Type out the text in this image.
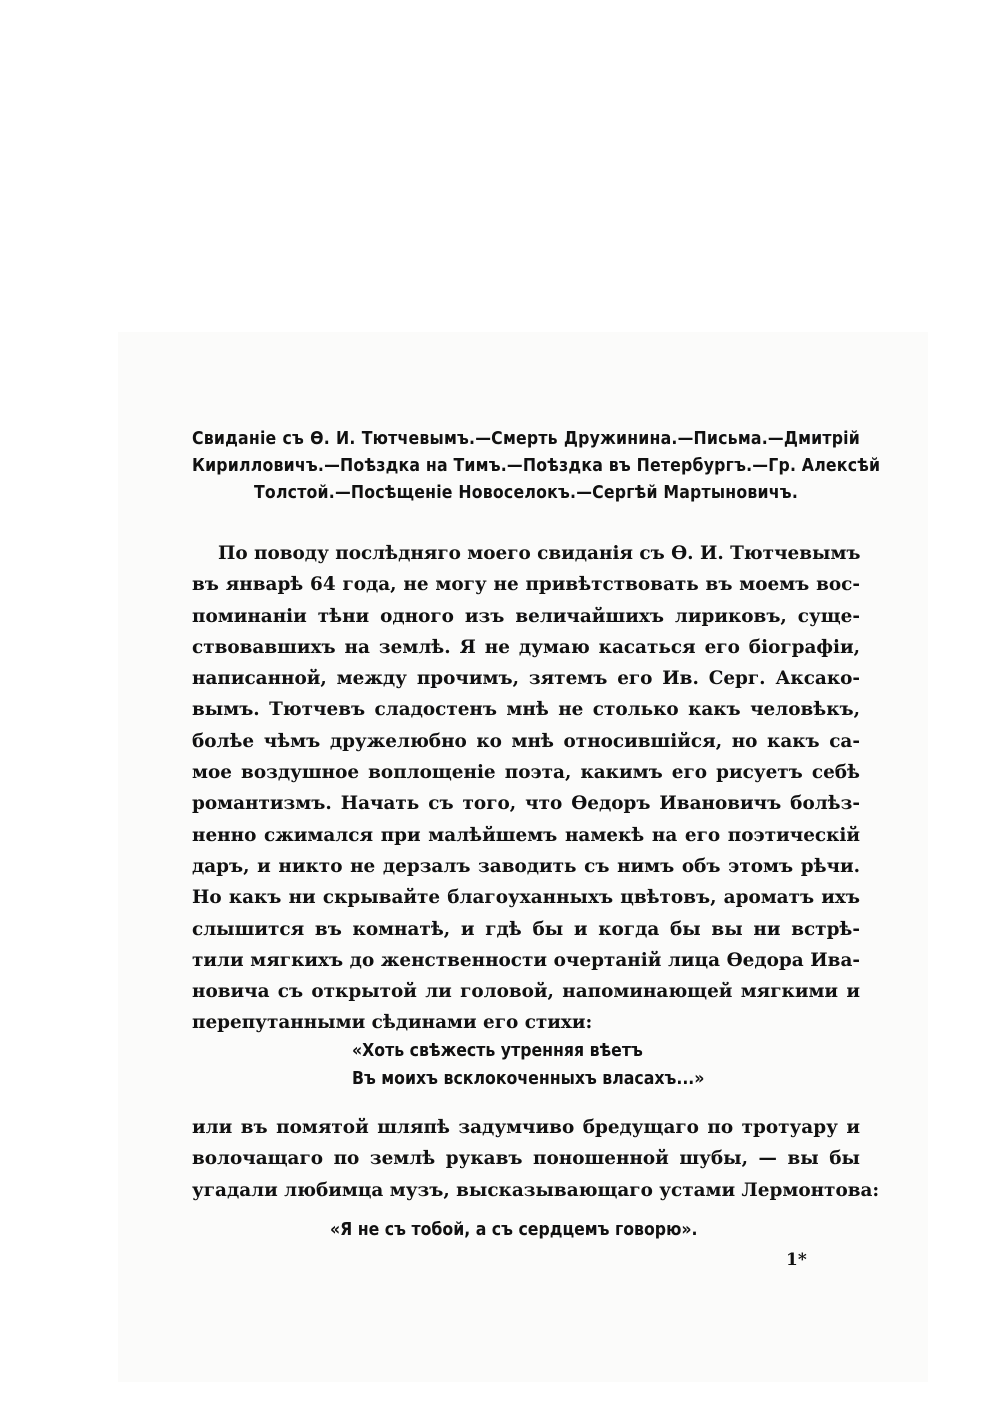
Свиданіе съ Ѳ. И. Тютчевымъ.—Смерть Дружинина.—Письма.—Дмитрій
Кирилловичъ.—Поѣздка на Тимъ.—Поѣздка въ Петербургъ.—Гр. Алексѣй
Толстой.—Посѣщеніе Новоселокъ.—Сергѣй Мартыновичъ.
По поводу послѣдняго моего свиданія съ Ѳ. И. Тютчевымъ
въ январѣ 64 года, не могу не привѣтствовать въ моемъ вос-
поминаніи тѣни одного изъ величайшихъ лириковъ, суще-
ствовавшихъ на землѣ. Я не думаю касаться его біографіи,
написанной, между прочимъ, зятемъ его Ив. Серг. Аксако-
вымъ. Тютчевъ сладостенъ мнѣ не столько какъ человѣкъ,
болѣе чѣмъ дружелюбно ко мнѣ относившійся, но какъ са-
мое воздушное воплощеніе поэта, какимъ его рисуетъ себѣ
романтизмъ. Начать съ того, что Ѳедоръ Ивановичъ болѣз-
ненно сжимался при малѣйшемъ намекѣ на его поэтическій
даръ, и никто не дерзалъ заводить съ нимъ объ этомъ рѣчи.
Но какъ ни скрывайте благоуханныхъ цвѣтовъ, ароматъ ихъ
слышится въ комнатѣ, и гдѣ бы и когда бы вы ни встрѣ-
тили мягкихъ до женственности очертаній лица Ѳедора Ива-
новича съ открытой ли головой, напоминающей мягкими и
перепутанными сѣдинами его стихи:
«Хоть свѣжесть утренняя вѣетъ
Въ моихъ всклокоченныхъ власахъ...»
или въ помятой шляпѣ задумчиво бредущаго по тротуару и
волочащаго по землѣ рукавъ поношенной шубы, — вы бы
угадали любимца музъ, высказывающаго устами Лермонтова:
«Я не съ тобой, а съ сердцемъ говорю».
1*
